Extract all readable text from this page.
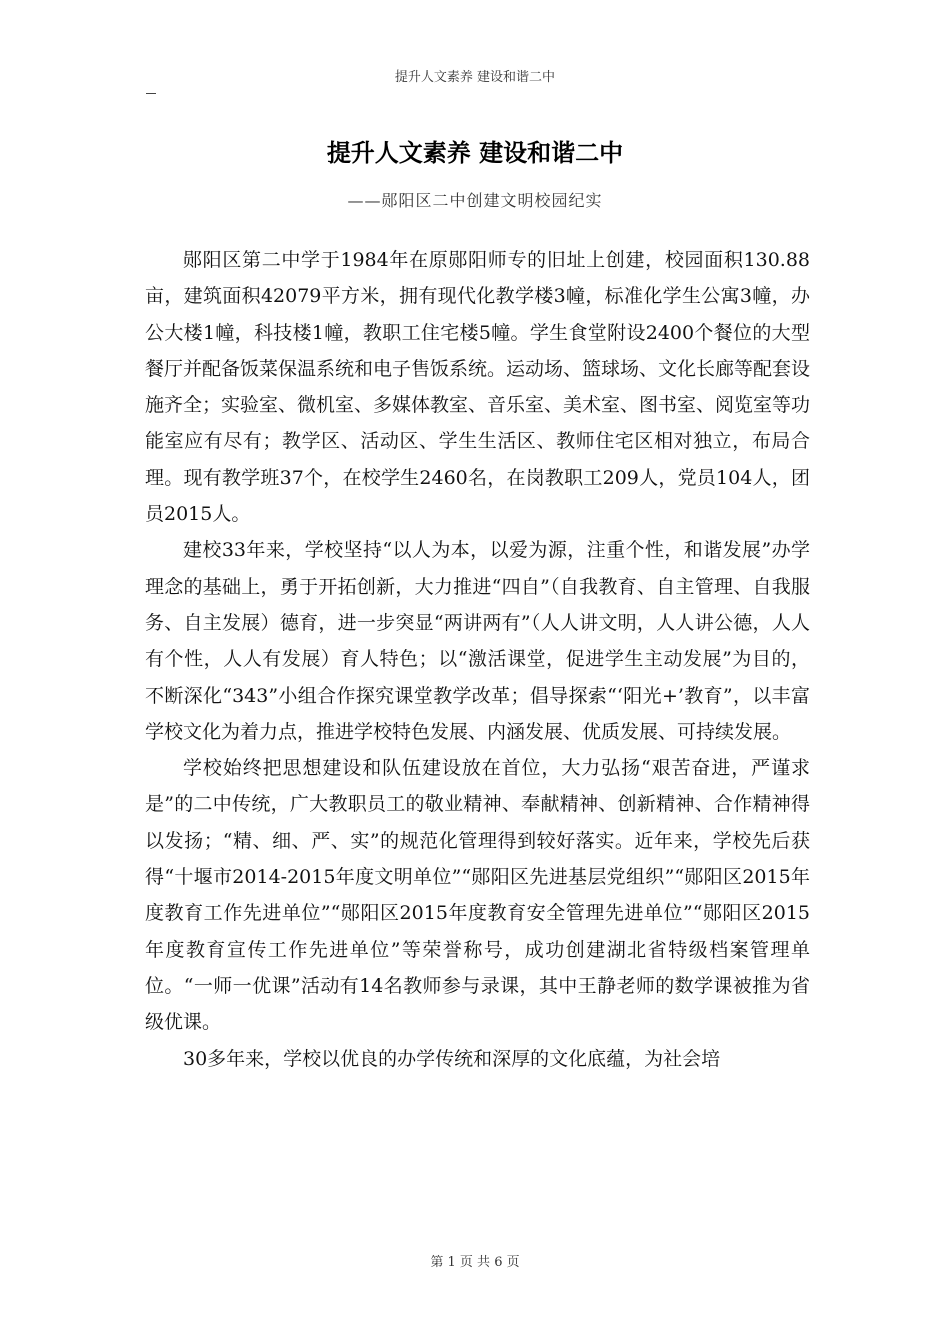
提升人文素养 建设和谐二中
提升人文素养 建设和谐二中
——郧阳区二中创建文明校园纪实

郧阳区第二中学于1984年在原郧阳师专的旧址上创建，校园面积130.88亩，建筑面积42079平方米，拥有现代化教学楼3幢，标准化学生公寓3幢，办公大楼1幢，科技楼1幢，教职工住宅楼5幢。学生食堂附设2400个餐位的大型餐厅并配备饭菜保温系统和电子售饭系统。运动场、篮球场、文化长廊等配套设施齐全；实验室、微机室、多媒体教室、音乐室、美术室、图书室、阅览室等功能室应有尽有；教学区、活动区、学生生活区、教师住宅区相对独立，布局合理。现有教学班37个，在校学生2460名，在岗教职工209人，党员104人，团员2015人。

建校33年来，学校坚持“以人为本，以爱为源，注重个性，和谐发展”办学理念的基础上，勇于开拓创新，大力推进“四自”（自我教育、自主管理、自我服务、自主发展）德育，进一步突显“两讲两有”（人人讲文明，人人讲公德，人人有个性，人人有发展）育人特色；以“激活课堂，促进学生主动发展”为目的，不断深化“343”小组合作探究课堂教学改革；倡导探索“‘阳光+’教育”，以丰富学校文化为着力点，推进学校特色发展、内涵发展、优质发展、可持续发展。

学校始终把思想建设和队伍建设放在首位，大力弘扬“艰苦奋进，严谨求是”的二中传统，广大教职员工的敬业精神、奉献精神、创新精神、合作精神得以发扬；“精、细、严、实”的规范化管理得到较好落实。近年来，学校先后获得“十堰市2014-2015年度文明单位”“郧阳区先进基层党组织”“郧阳区2015年度教育工作先进单位”“郧阳区2015年度教育安全管理先进单位”“郧阳区2015年度教育宣传工作先进单位”等荣誉称号，成功创建湖北省特级档案管理单位。“一师一优课”活动有14名教师参与录课，其中王静老师的数学课被推为省级优课。

30多年来，学校以优良的办学传统和深厚的文化底蕴，为社会培

第 1 页 共 6 页
